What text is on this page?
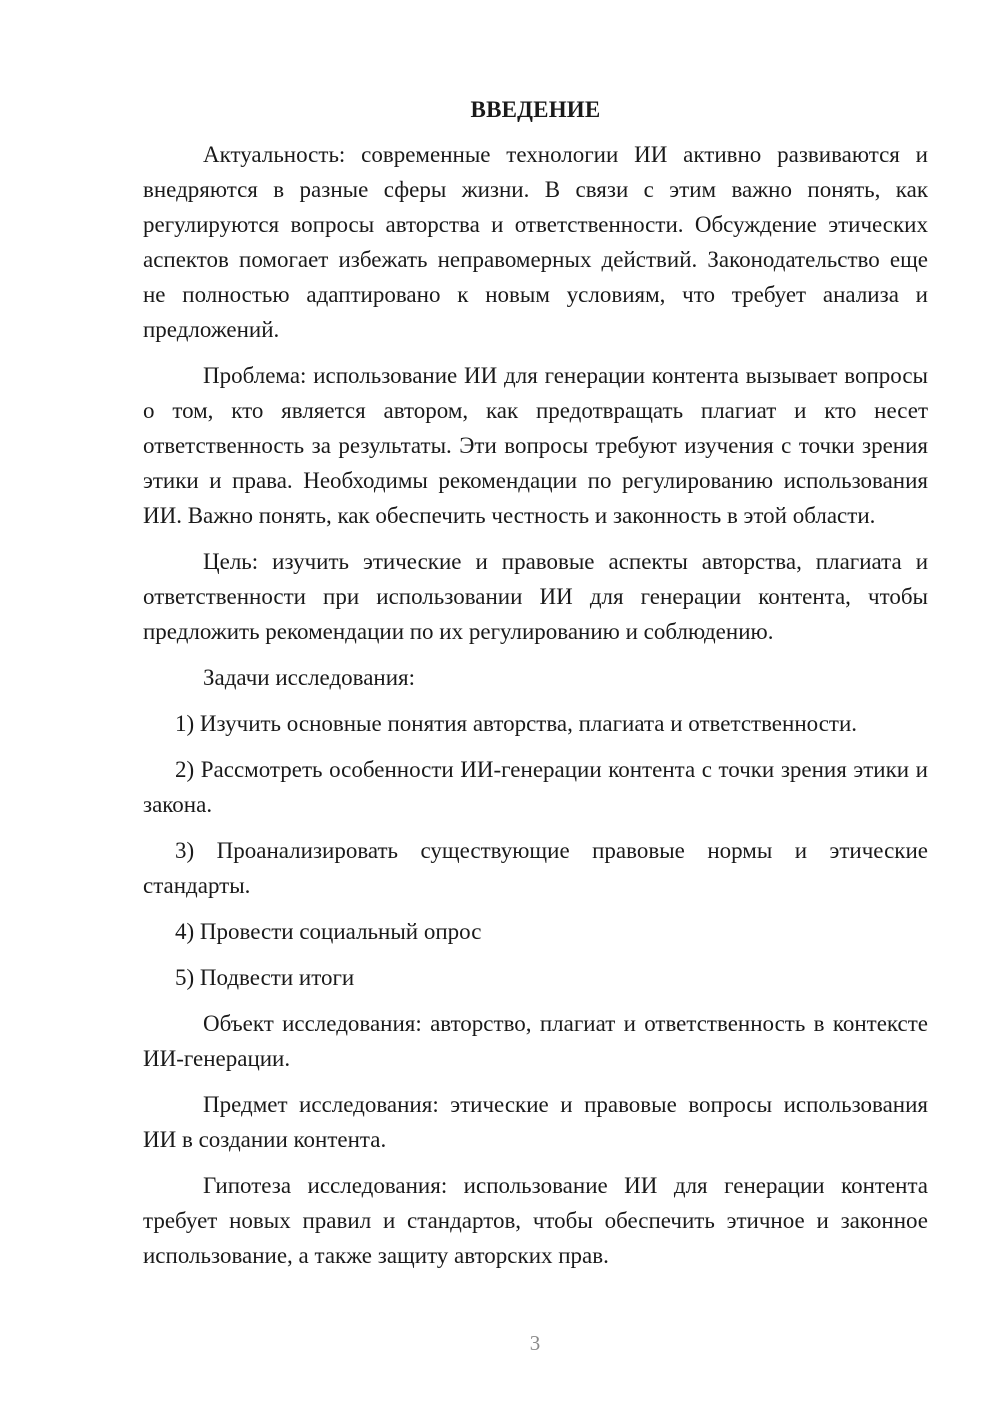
ВВЕДЕНИЕ

Актуальность: современные технологии ИИ активно развиваются и внедряются в разные сферы жизни. В связи с этим важно понять, как регулируются вопросы авторства и ответственности. Обсуждение этических аспектов помогает избежать неправомерных действий. Законодательство еще не полностью адаптировано к новым условиям, что требует анализа и предложений.

Проблема: использование ИИ для генерации контента вызывает вопросы о том, кто является автором, как предотвращать плагиат и кто несет ответственность за результаты. Эти вопросы требуют изучения с точки зрения этики и права. Необходимы рекомендации по регулированию использования ИИ. Важно понять, как обеспечить честность и законность в этой области.

Цель: изучить этические и правовые аспекты авторства, плагиата и ответственности при использовании ИИ для генерации контента, чтобы предложить рекомендации по их регулированию и соблюдению.

Задачи исследования:

1) Изучить основные понятия авторства, плагиата и ответственности.

2) Рассмотреть особенности ИИ-генерации контента с точки зрения этики и закона.

3) Проанализировать существующие правовые нормы и этические стандарты.

4) Провести социальный опрос

5) Подвести итоги

Объект исследования: авторство, плагиат и ответственность в контексте ИИ-генерации.

Предмет исследования: этические и правовые вопросы использования ИИ в создании контента.

Гипотеза исследования: использование ИИ для генерации контента требует новых правил и стандартов, чтобы обеспечить этичное и законное использование, а также защиту авторских прав.

3
